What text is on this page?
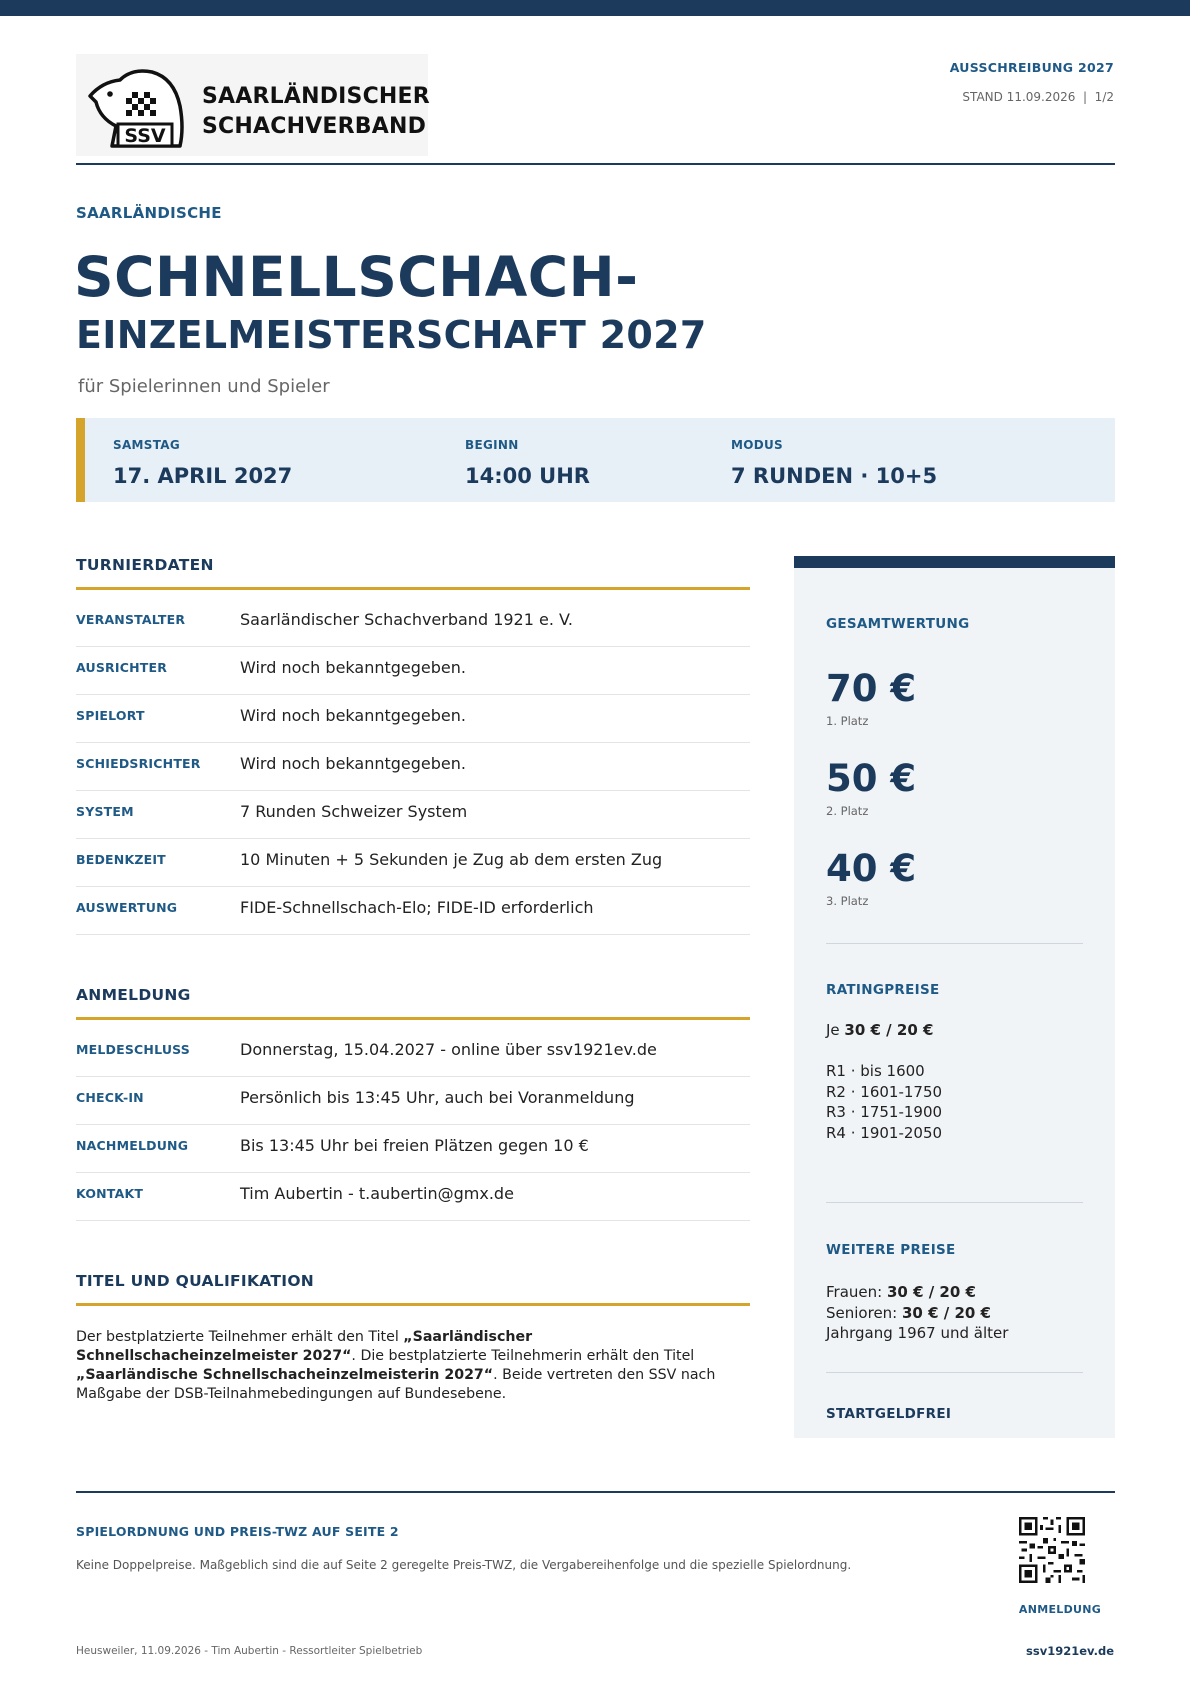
SSV
SAARLÄNDISCHER
SCHACHVERBAND
AUSSCHREIBUNG 2027
STAND 11.09.2026  |  1/2
SAARLÄNDISCHE
SCHNELLSCHACH-
EINZELMEISTERSCHAFT 2027
für Spielerinnen und Spieler
SAMSTAG
17. APRIL 2027
BEGINN
14:00 UHR
MODUS
7 RUNDEN · 10+5
TURNIERDATEN
VERANSTALTER	Saarländischer Schachverband 1921 e. V.
AUSRICHTER	Wird noch bekanntgegeben.
SPIELORT	Wird noch bekanntgegeben.
SCHIEDSRICHTER Wird noch bekanntgegeben.
SYSTEM	7 Runden Schweizer System
BEDENKZEIT	10 Minuten + 5 Sekunden je Zug ab dem ersten Zug
AUSWERTUNG	FIDE-Schnellschach-Elo; FIDE-ID erforderlich
ANMELDUNG
MELDESCHLUSS	Donnerstag, 15.04.2027 - online über ssv1921ev.de
CHECK-IN	Persönlich bis 13:45 Uhr, auch bei Voranmeldung
NACHMELDUNG	Bis 13:45 Uhr bei freien Plätzen gegen 10 €
KONTAKT	Tim Aubertin - t.aubertin@gmx.de
TITEL UND QUALIFIKATION
Der bestplatzierte Teilnehmer erhält den Titel „Saarländischer Schnellschacheinzelmeister 2027“. Die bestplatzierte Teilnehmerin erhält den Titel „Saarländische Schnellschacheinzelmeisterin 2027“. Beide vertreten den SSV nach Maßgabe der DSB-Teilnahmebedingungen auf Bundesebene.
GESAMTWERTUNG
70 €
1. Platz
50 €
2. Platz
40 €
3. Platz
RATINGPREISE
Je 30 € / 20 €
R1 · bis 1600
R2 · 1601-1750
R3 · 1751-1900
R4 · 1901-2050
WEITERE PREISE
Frauen: 30 € / 20 €
Senioren: 30 € / 20 €
Jahrgang 1967 und älter
STARTGELDFREI
SPIELORDNUNG UND PREIS-TWZ AUF SEITE 2
Keine Doppelpreise. Maßgeblich sind die auf Seite 2 geregelte Preis-TWZ, die Vergabereihenfolge und die spezielle Spielordnung.
ANMELDUNG
Heusweiler, 11.09.2026 - Tim Aubertin - Ressortleiter Spielbetrieb	ssv1921ev.de
